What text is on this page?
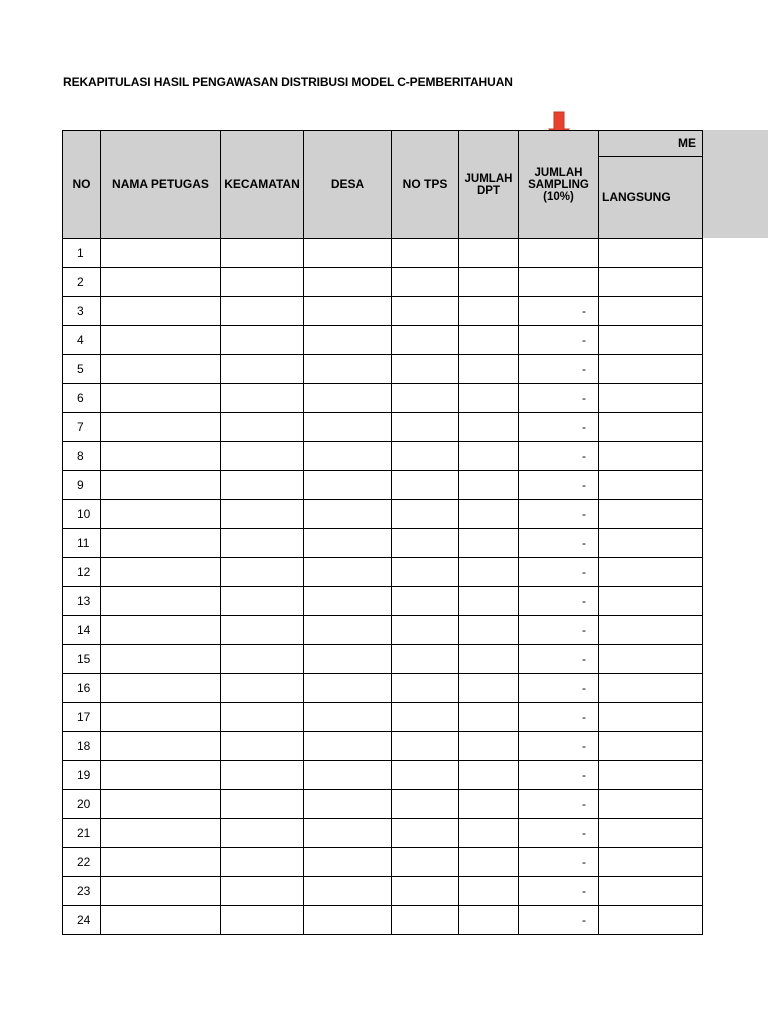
REKAPITULASI HASIL PENGAWASAN DISTRIBUSI MODEL C-PEMBERITAHUAN
NO	NAMA PETUGAS	KECAMATAN	DESA	NO TPS	JUMLAH DPT	JUMLAH SAMPLING (10%)	ME
							LANGSUNG
1							
2							
3						-	
4						-	
5						-	
6						-	
7						-	
8						-	
9						-	
10						-	
11						-	
12						-	
13						-	
14						-	
15						-	
16						-	
17						-	
18						-	
19						-	
20						-	
21						-	
22						-	
23						-	
24						-	
